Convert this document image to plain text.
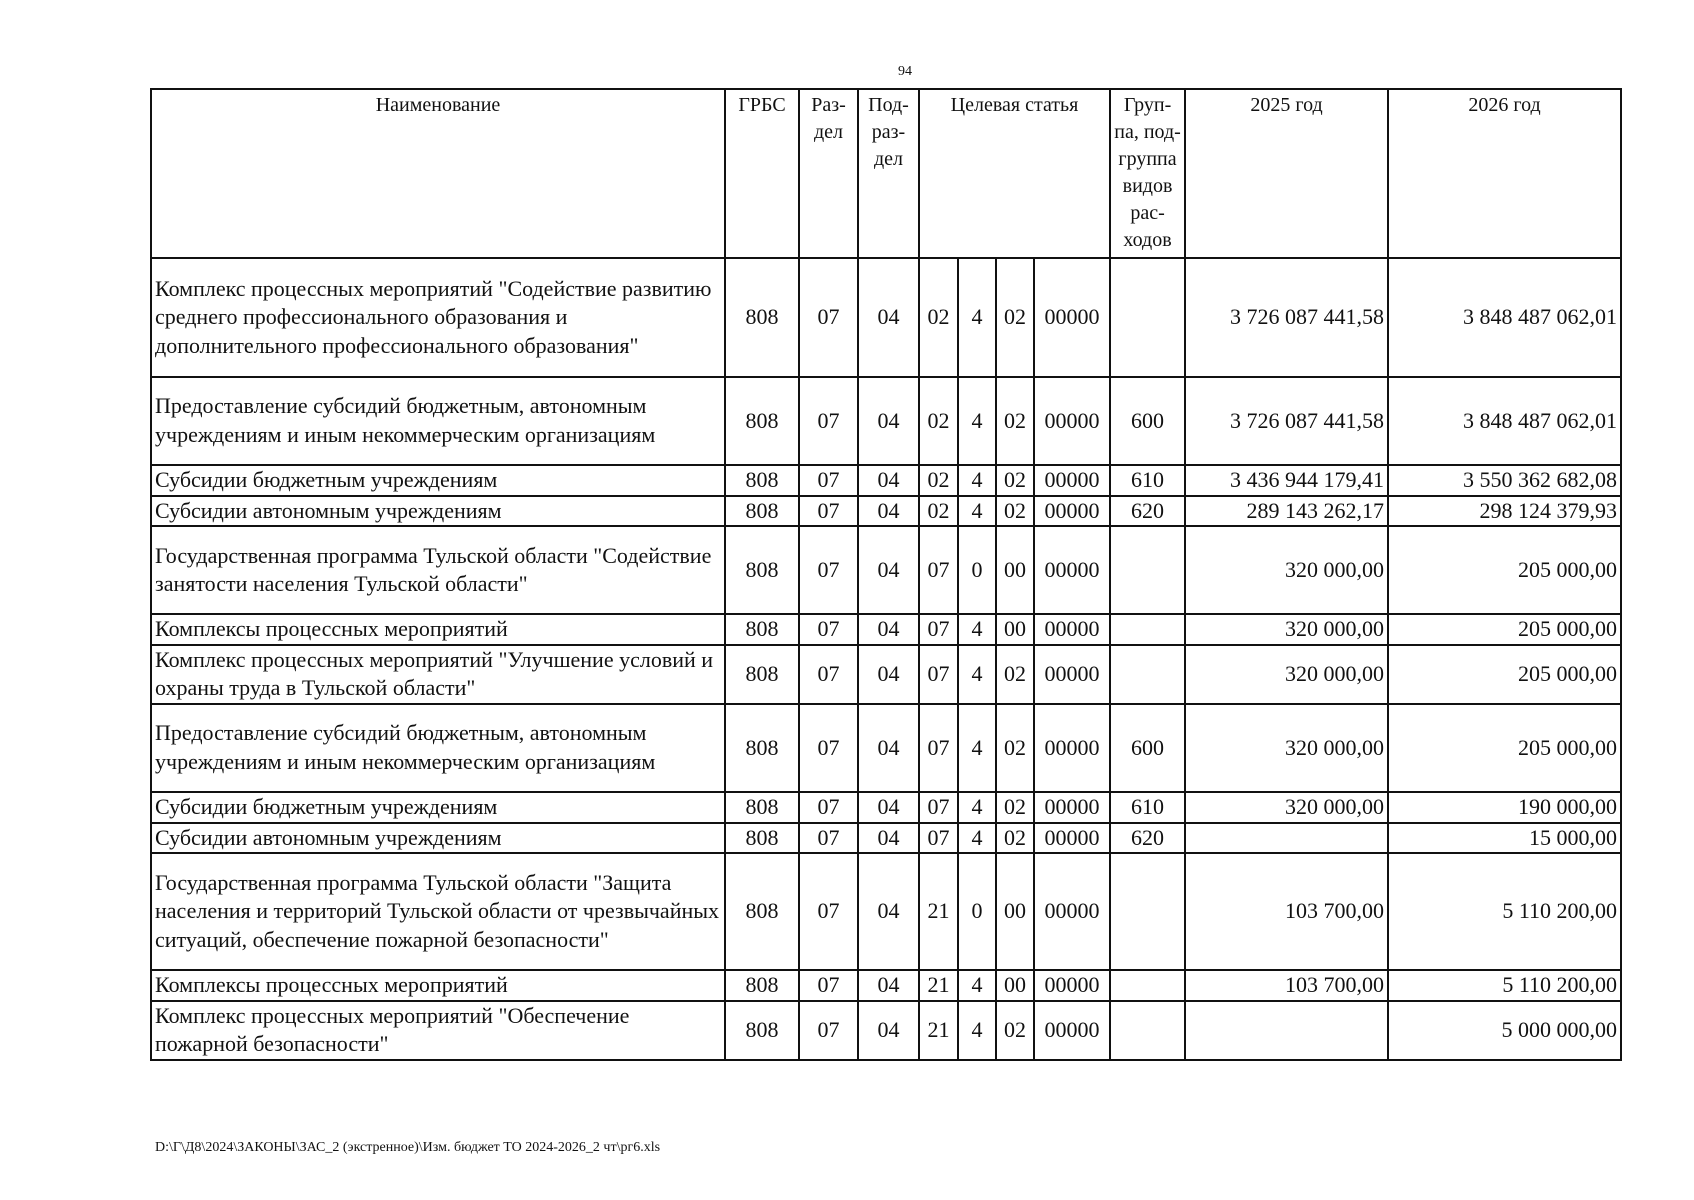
94
Наименование	ГРБС	Раз-дел	Под-раз-дел	Целевая статья				Груп-па, под-группа видов рас-ходов	2025 год	2026 год
Комплекс процессных мероприятий "Содействие развитию среднего профессионального образования и дополнительного профессионального образования"	808	07	04	02	4	02	00000		3 726 087 441,58	3 848 487 062,01
Предоставление субсидий бюджетным, автономным учреждениям и иным некоммерческим организациям	808	07	04	02	4	02	00000	600	3 726 087 441,58	3 848 487 062,01
Субсидии бюджетным учреждениям	808	07	04	02	4	02	00000	610	3 436 944 179,41	3 550 362 682,08
Субсидии автономным учреждениям	808	07	04	02	4	02	00000	620	289 143 262,17	298 124 379,93
Государственная программа Тульской области "Содействие занятости населения Тульской области"	808	07	04	07	0	00	00000		320 000,00	205 000,00
Комплексы процессных мероприятий	808	07	04	07	4	00	00000		320 000,00	205 000,00
Комплекс процессных мероприятий "Улучшение условий и охраны труда в Тульской области"	808	07	04	07	4	02	00000		320 000,00	205 000,00
Предоставление субсидий бюджетным, автономным учреждениям и иным некоммерческим организациям	808	07	04	07	4	02	00000	600	320 000,00	205 000,00
Субсидии бюджетным учреждениям	808	07	04	07	4	02	00000	610	320 000,00	190 000,00
Субсидии автономным учреждениям	808	07	04	07	4	02	00000	620		15 000,00
Государственная программа Тульской области "Защита населения и территорий Тульской области от чрезвычайных ситуаций, обеспечение пожарной безопасности"	808	07	04	21	0	00	00000		103 700,00	5 110 200,00
Комплексы процессных мероприятий	808	07	04	21	4	00	00000		103 700,00	5 110 200,00
Комплекс процессных мероприятий "Обеспечение пожарной безопасности"	808	07	04	21	4	02	00000			5 000 000,00
D:\Г\Д8\2024\ЗАКОНЫ\ЗАС_2 (экстренное)\Изм. бюджет ТО 2024-2026_2 чт\рг6.xls
